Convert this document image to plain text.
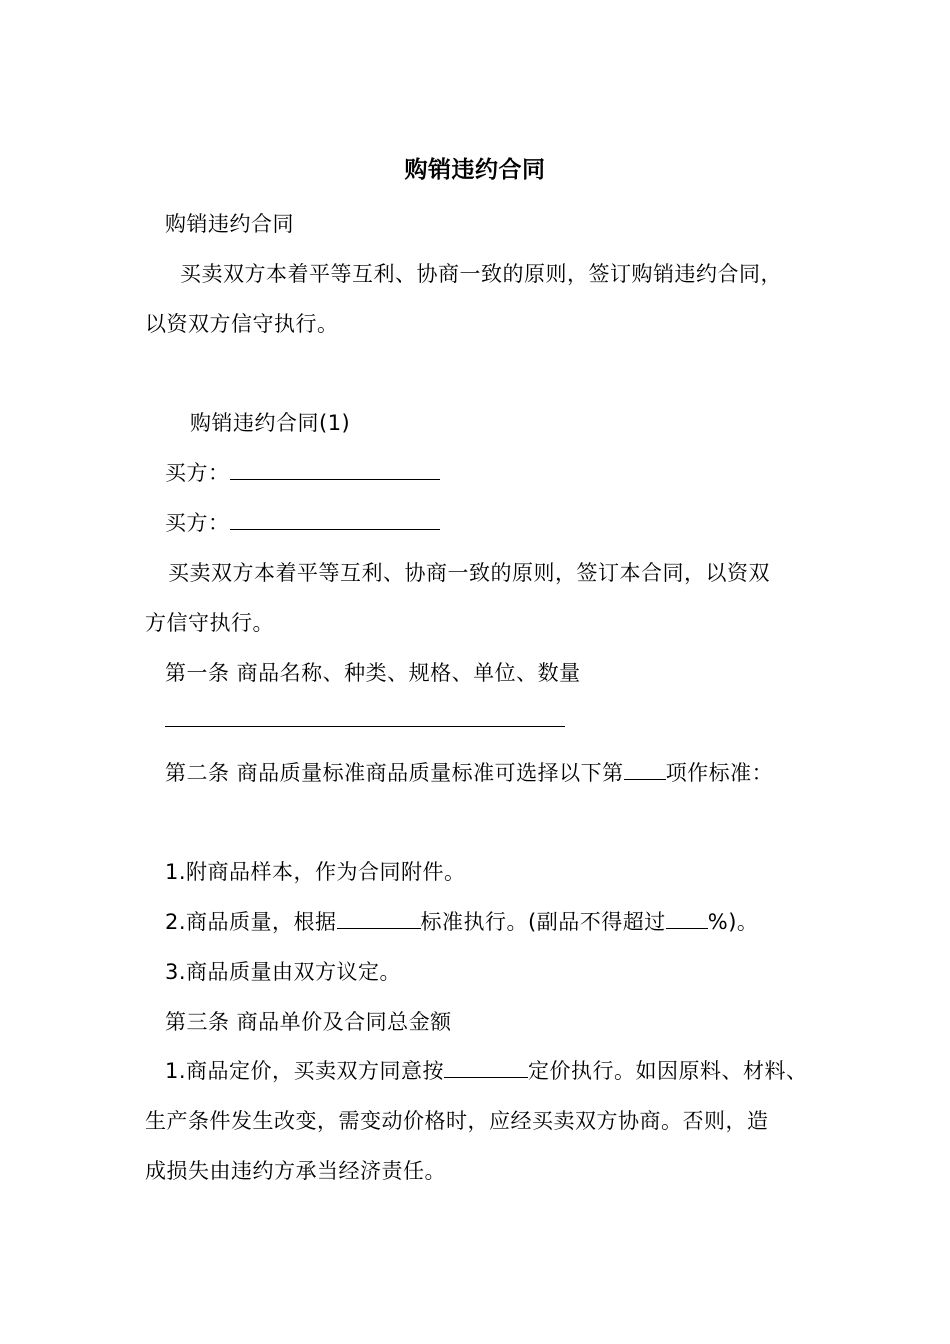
购销违约合同
购销违约合同
买卖双方本着平等互利、协商一致的原则，签订购销违约合同，
以资双方信守执行。
购销违约合同(1)
买方：
买方：
买卖双方本着平等互利、协商一致的原则，签订本合同，以资双
方信守执行。
第一条 商品名称、种类、规格、单位、数量
第二条 商品质量标准商品质量标准可选择以下第 项作标准：
1.附商品样本，作为合同附件。
2.商品质量，根据	标准执行。(副品不得超过 %)。
3.商品质量由双方议定。
第三条 商品单价及合同总金额
1.商品定价，买卖双方同意按	定价执行。如因原料、材料、
生产条件发生改变，需变动价格时，应经买卖双方协商。否则，造
成损失由违约方承当经济责任。
